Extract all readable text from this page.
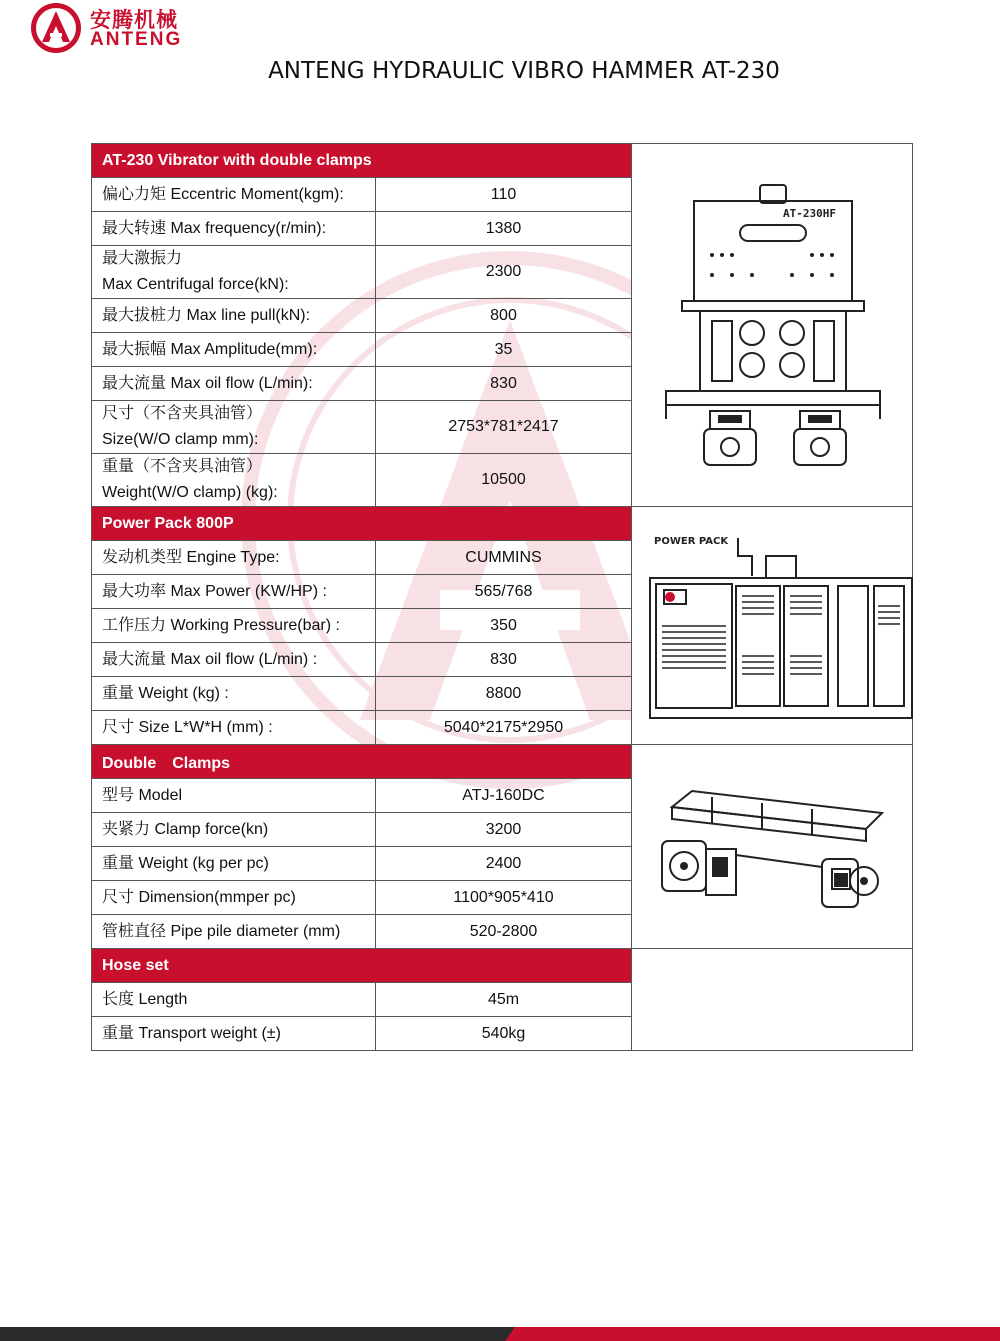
安腾机械
ANTENG
ANTENG HYDRAULIC VIBRO HAMMER AT-230
AT-230 Vibrator with double clamps		AT-230HF

偏心力矩 Eccentric Moment(kgm):	110	
最大转速 Max frequency(r/min):	1380	

最大激振力
Max Centrifugal force(kN):	2300	
最大拔桩力 Max line pull(kN):	800	
最大振幅 Max Amplitude(mm):	35	
最大流量 Max oil flow (L/min):	830	

尺寸（不含夹具油管）
Size(W/O clamp mm):	2753*781*2417	

重量（不含夹具油管）
Weight(W/O clamp) (kg):	10500	
Power Pack 800P		POWER PACK

发动机类型 Engine Type:	CUMMINS	
最大功率 Max Power (KW/HP) :	565/768	
工作压力 Working Pressure(bar) :	350	
最大流量 Max oil flow (L/min) :	830	
重量 Weight (kg) :	8800	
尺寸 Size L*W*H (mm) :	5040*2175*2950	
Double　Clamps	

型号 Model	ATJ-160DC	
夹紧力 Clamp force(kn)	3200	
重量 Weight (kg per pc)	2400	
尺寸 Dimension(mmper pc)	1100*905*410	
管桩直径 Pipe pile diameter (mm)	520-2800	
Hose set		
长度 Length	45m	
重量 Transport weight (±)	540kg	
